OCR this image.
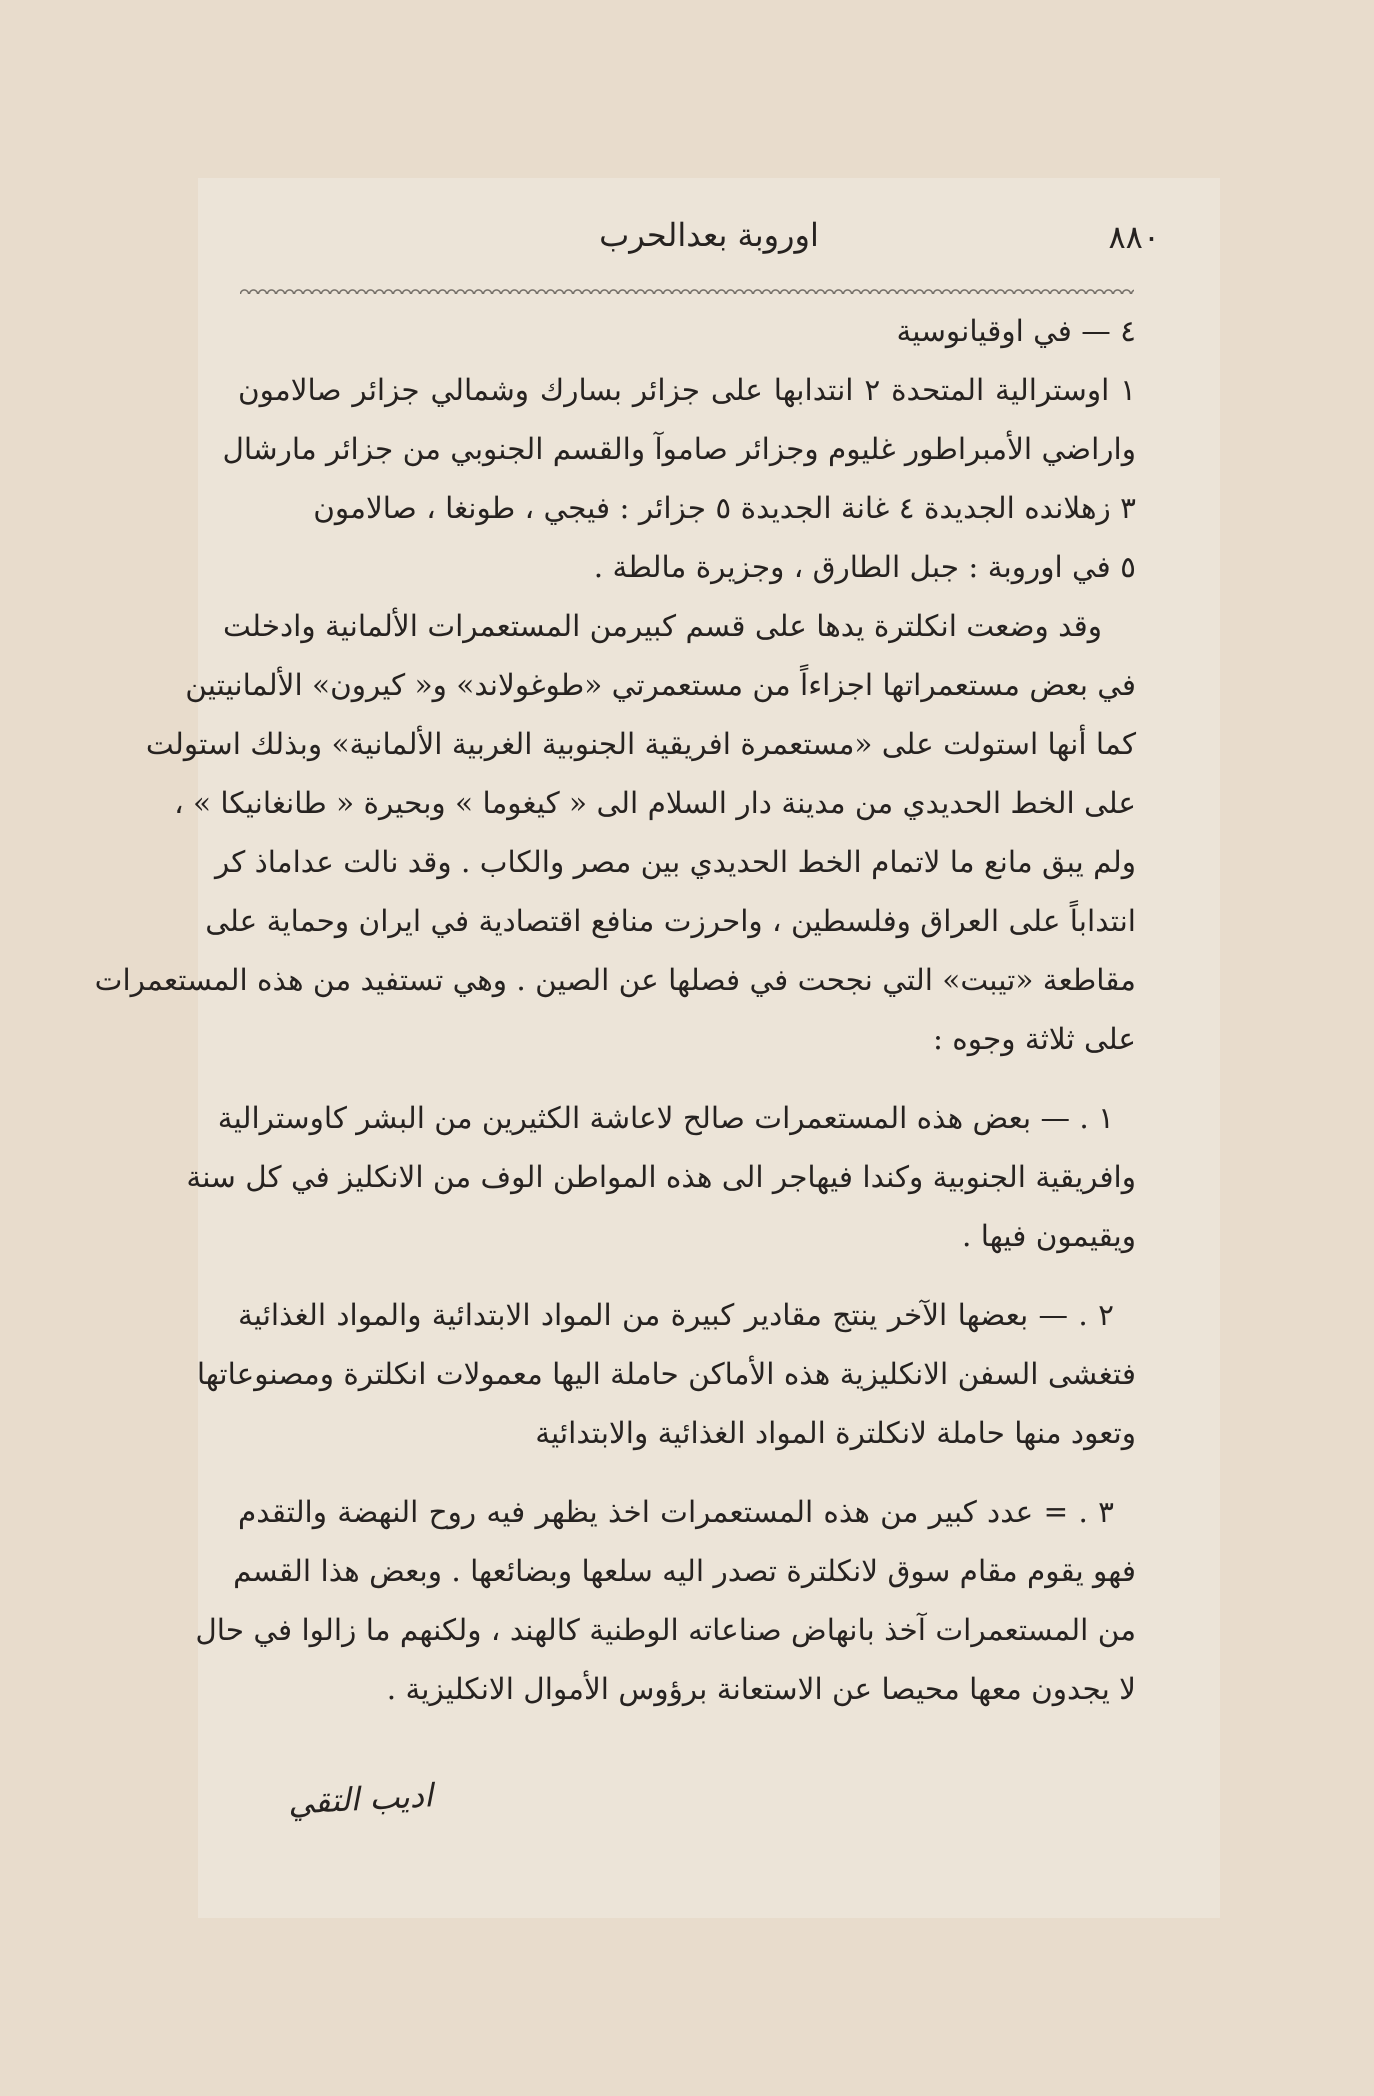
٨٨٠
اوروبة بعدالحرب
٤ — في اوقيانوسية
١ اوسترالية المتحدة ٢ انتدابها على جزائر بسارك وشمالي جزائر صالامون
واراضي الأمبراطور غليوم وجزائر صاموآ والقسم الجنوبي من جزائر مارشال
٣ زهلانده الجديدة ٤ غانة الجديدة ٥ جزائر : فيجي ، طونغا ، صالامون
٥ في اوروبة : جبل الطارق ، وجزيرة مالطة .
وقد وضعت انكلترة يدها على قسم كبيرمن المستعمرات الألمانية وادخلت
في بعض مستعمراتها اجزاءاً من مستعمرتي «طوغولاند» و« كيرون» الألمانيتين
كما أنها استولت على «مستعمرة افريقية الجنوبية الغربية الألمانية» وبذلك استولت
على الخط الحديدي من مدينة دار السلام الى « كيغوما » وبحيرة « طانغانيكا » ،
ولم يبق مانع ما لاتمام الخط الحديدي بين مصر والكاب . وقد نالت عداماذ كر
انتداباً على العراق وفلسطين ، واحرزت منافع اقتصادية في ايران وحماية على
مقاطعة «تيبت» التي نجحت في فصلها عن الصين . وهي تستفيد من هذه المستعمرات
على ثلاثة وجوه :
١ . — بعض هذه المستعمرات صالح لاعاشة الكثيرين من البشر كاوسترالية
وافريقية الجنوبية وكندا فيهاجر الى هذه المواطن الوف من الانكليز في كل سنة
ويقيمون فيها .
٢ . — بعضها الآخر ينتج مقادير كبيرة من المواد الابتدائية والمواد الغذائية
فتغشى السفن الانكليزية هذه الأماكن حاملة اليها معمولات انكلترة ومصنوعاتها
وتعود منها حاملة لانكلترة المواد الغذائية والابتدائية
٣ . = عدد كبير من هذه المستعمرات اخذ يظهر فيه روح النهضة والتقدم
فهو يقوم مقام سوق لانكلترة تصدر اليه سلعها وبضائعها . وبعض هذا القسم
من المستعمرات آخذ بانهاض صناعاته الوطنية كالهند ، ولكنهم ما زالوا في حال
لا يجدون معها محيصا عن الاستعانة برؤوس الأموال الانكليزية .
اديب التقي
